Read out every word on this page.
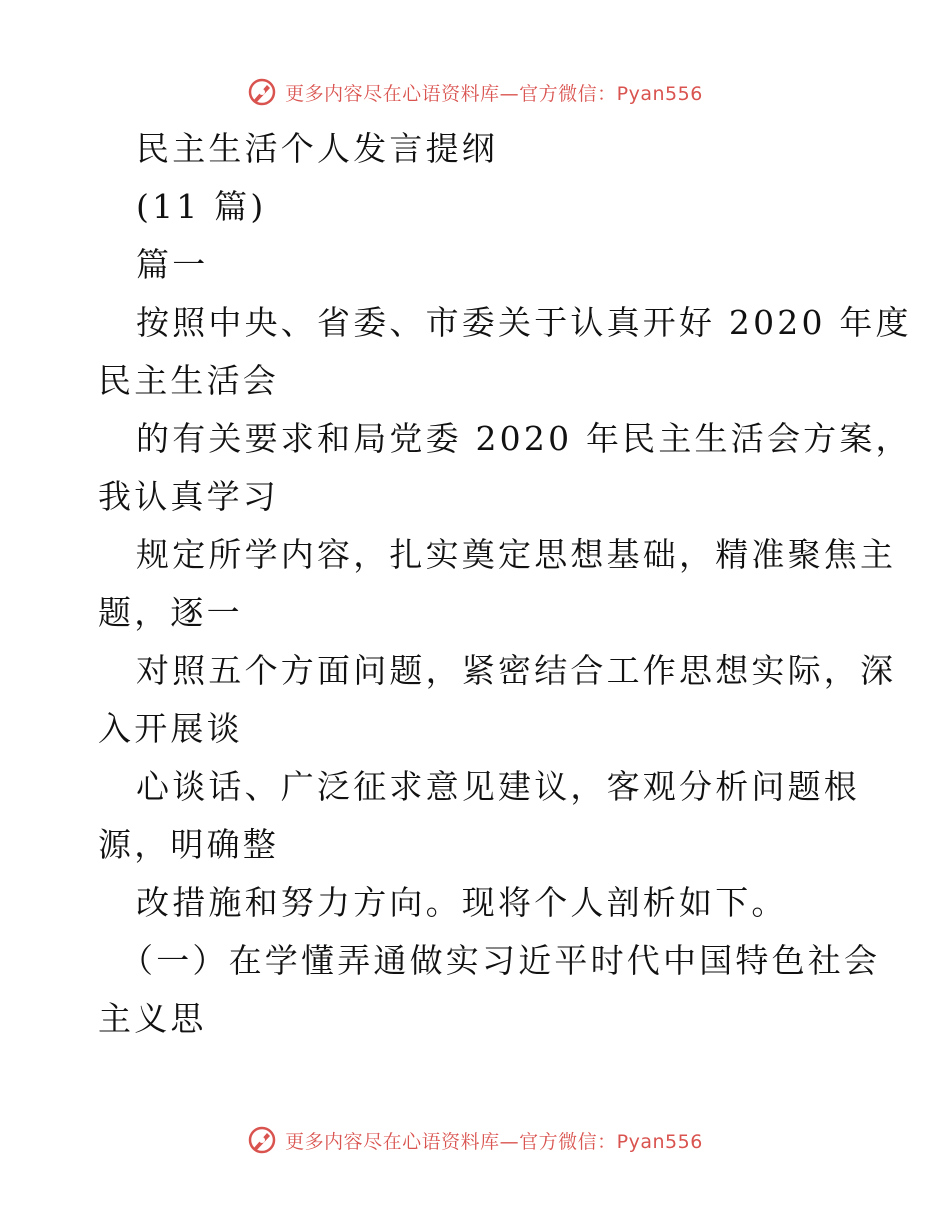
更多内容尽在心语资料库—官方微信：Pyan556
民主生活个人发言提纲
(11 篇)
篇一
按照中央、省委、市委关于认真开好 2020 年度
民主生活会
的有关要求和局党委 2020 年民主生活会方案，
我认真学习
规定所学内容，扎实奠定思想基础，精准聚焦主
题，逐一
对照五个方面问题，紧密结合工作思想实际，深
入开展谈
心谈话、广泛征求意见建议，客观分析问题根
源，明确整
改措施和努力方向。现将个人剖析如下。
（一）在学懂弄通做实习近平时代中国特色社会
主义思
更多内容尽在心语资料库—官方微信：Pyan556
